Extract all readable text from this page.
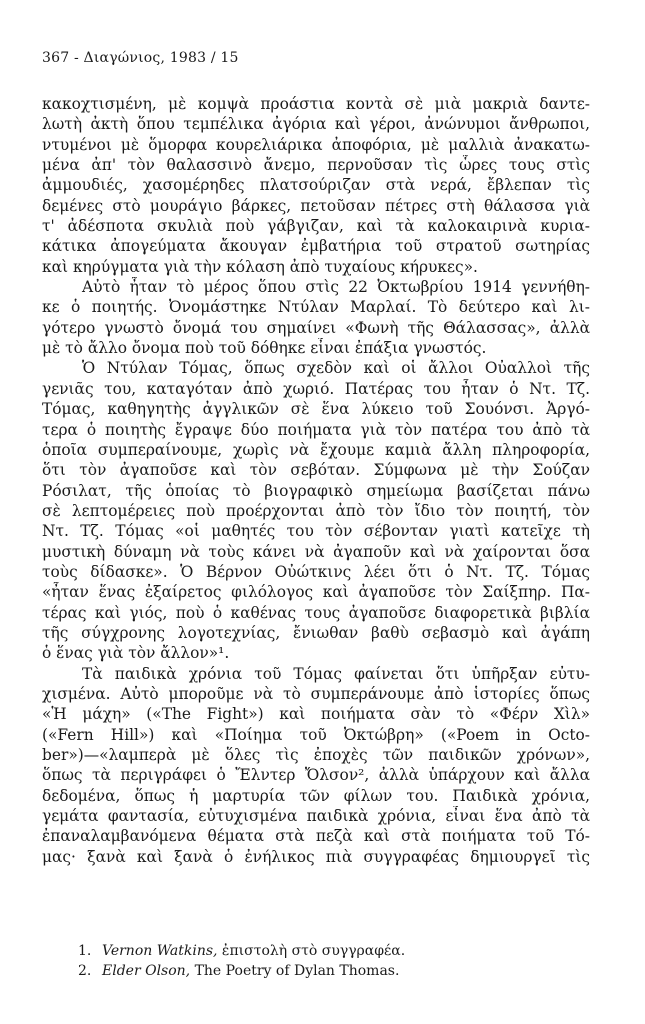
367 - Διαγώνιος, 1983 / 15
κακοχτισμένη, μὲ κομψὰ προάστια κοντὰ σὲ μιὰ μακριὰ δαντε-
λωτὴ ἀκτὴ ὅπου τεμπέλικα ἀγόρια καὶ γέροι, ἀνώνυμοι ἄνθρωποι,
ντυμένοι μὲ ὅμορφα κουρελιάρικα ἀποφόρια, μὲ μαλλιὰ ἀνακατω-
μένα ἀπ' τὸν θαλασσινὸ ἄνεμο, περνοῦσαν τὶς ὧρες τους στὶς
ἀμμουδιές, χασομέρηδες πλατσούριζαν στὰ νερά, ἔβλεπαν τὶς
δεμένες στὸ μουράγιο βάρκες, πετοῦσαν πέτρες στὴ θάλασσα γιὰ
τ' ἀδέσποτα σκυλιὰ ποὺ γάβγιζαν, καὶ τὰ καλοκαιρινὰ κυρια-
κάτικα ἀπογεύματα ἄκουγαν ἐμβατήρια τοῦ στρατοῦ σωτηρίας
καὶ κηρύγματα γιὰ τὴν κόλαση ἀπὸ τυχαίους κήρυκες».
Αὐτὸ ἦταν τὸ μέρος ὅπου στὶς 22 Ὀκτωβρίου 1914 γεννήθη-
κε ὁ ποιητής. Ὀνομάστηκε Ντύλαν Μαρλαί. Τὸ δεύτερο καὶ λι-
γότερο γνωστὸ ὄνομά του σημαίνει «Φωνὴ τῆς Θάλασσας», ἀλλὰ
μὲ τὸ ἄλλο ὄνομα ποὺ τοῦ δόθηκε εἶναι ἐπάξια γνωστός.
Ὁ Ντύλαν Τόμας, ὅπως σχεδὸν καὶ οἱ ἄλλοι Οὐαλλοὶ τῆς
γενιᾶς του, καταγόταν ἀπὸ χωριό. Πατέρας του ἦταν ὁ Ντ. Τζ.
Τόμας, καθηγητὴς ἀγγλικῶν σὲ ἕνα λύκειο τοῦ Σουόνσι. Ἀργό-
τερα ὁ ποιητὴς ἔγραψε δύο ποιήματα γιὰ τὸν πατέρα του ἀπὸ τὰ
ὁποῖα συμπεραίνουμε, χωρὶς νὰ ἔχουμε καμιὰ ἄλλη πληροφορία,
ὅτι τὸν ἀγαποῦσε καὶ τὸν σεβόταν. Σύμφωνα μὲ τὴν Σούζαν
Ρόσιλατ, τῆς ὁποίας τὸ βιογραφικὸ σημείωμα βασίζεται πάνω
σὲ λεπτομέρειες ποὺ προέρχονται ἀπὸ τὸν ἴδιο τὸν ποιητή, τὸν
Ντ. Τζ. Τόμας «οἱ μαθητές του τὸν σέβονταν γιατὶ κατεῖχε τὴ
μυστικὴ δύναμη νὰ τοὺς κάνει νὰ ἀγαποῦν καὶ νὰ χαίρονται ὅσα
τοὺς δίδασκε». Ὁ Βέρνον Οὐώτκινς λέει ὅτι ὁ Ντ. Τζ. Τόμας
«ἦταν ἕνας ἐξαίρετος φιλόλογος καὶ ἀγαποῦσε τὸν Σαίξπηρ. Πα-
τέρας καὶ γιός, ποὺ ὁ καθένας τους ἀγαποῦσε διαφορετικὰ βιβλία
τῆς σύγχρονης λογοτεχνίας, ἔνιωθαν βαθὺ σεβασμὸ καὶ ἀγάπη
ὁ ἕνας γιὰ τὸν ἄλλον»¹.
Τὰ παιδικὰ χρόνια τοῦ Τόμας φαίνεται ὅτι ὑπῆρξαν εὐτυ-
χισμένα. Αὐτὸ μποροῦμε νὰ τὸ συμπεράνουμε ἀπὸ ἱστορίες ὅπως
«Ἡ μάχη» («The Fight») καὶ ποιήματα σὰν τὸ «Φέρν Χὶλ»
(«Fern Hill») καὶ «Ποίημα τοῦ Ὀκτώβρη» («Poem in Octo-
ber»)—«λαμπερὰ μὲ ὅλες τὶς ἐποχὲς τῶν παιδικῶν χρόνων»,
ὅπως τὰ περιγράφει ὁ Ἔλντερ Ὄλσον², ἀλλὰ ὑπάρχουν καὶ ἄλλα
δεδομένα, ὅπως ἡ μαρτυρία τῶν φίλων του. Παιδικὰ χρόνια,
γεμάτα φαντασία, εὐτυχισμένα παιδικὰ χρόνια, εἶναι ἕνα ἀπὸ τὰ
ἐπαναλαμβανόμενα θέματα στὰ πεζὰ καὶ στὰ ποιήματα τοῦ Τό-
μας· ξανὰ καὶ ξανὰ ὁ ἐνήλικος πιὰ συγγραφέας δημιουργεῖ τὶς
1. Vernon Watkins, ἐπιστολὴ στὸ συγγραφέα.
2. Elder Olson, The Poetry of Dylan Thomas.
